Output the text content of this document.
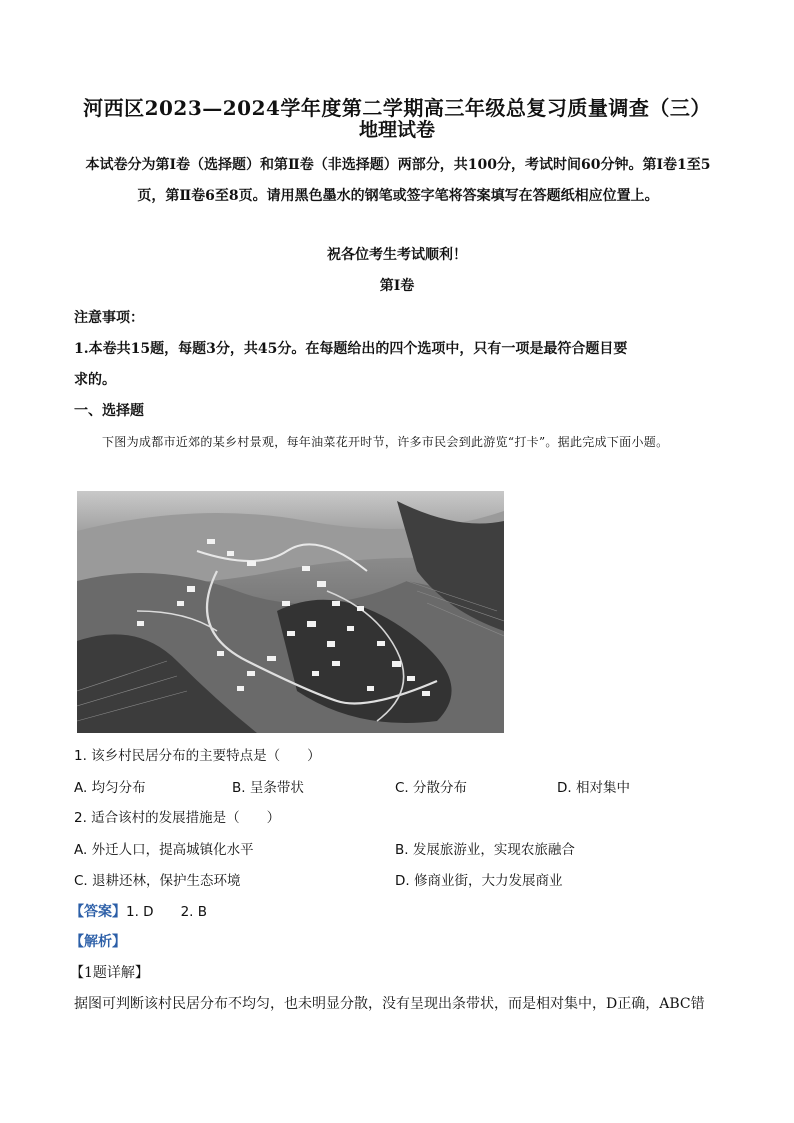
河西区2023—2024学年度第二学期高三年级总复习质量调查（三）
地理试卷
本试卷分为第Ⅰ卷（选择题）和第Ⅱ卷（非选择题）两部分，共100分，考试时间60分钟。第Ⅰ卷1至5页，第Ⅱ卷6至8页。请用黑色墨水的钢笔或签字笔将答案填写在答题纸相应位置上。
祝各位考生考试顺利！
第Ⅰ卷
注意事项：
1.本卷共15题，每题3分，共45分。在每题给出的四个选项中，只有一项是最符合题目要
求的。
一、选择题
下图为成都市近郊的某乡村景观，每年油菜花开时节，许多市民会到此游览“打卡”。据此完成下面小题。
1. 该乡村民居分布的主要特点是（　　）
A. 均匀分布	B. 呈条带状	C. 分散分布	D. 相对集中
2. 适合该村的发展措施是（　　）
A. 外迁人口，提高城镇化水平	B. 发展旅游业，实现农旅融合
C. 退耕还林，保护生态环境	D. 修商业街，大力发展商业
【答案】1. D　　2. B
【解析】
【1题详解】
据图可判断该村民居分布不均匀，也未明显分散，没有呈现出条带状，而是相对集中，D正确，ABC错
